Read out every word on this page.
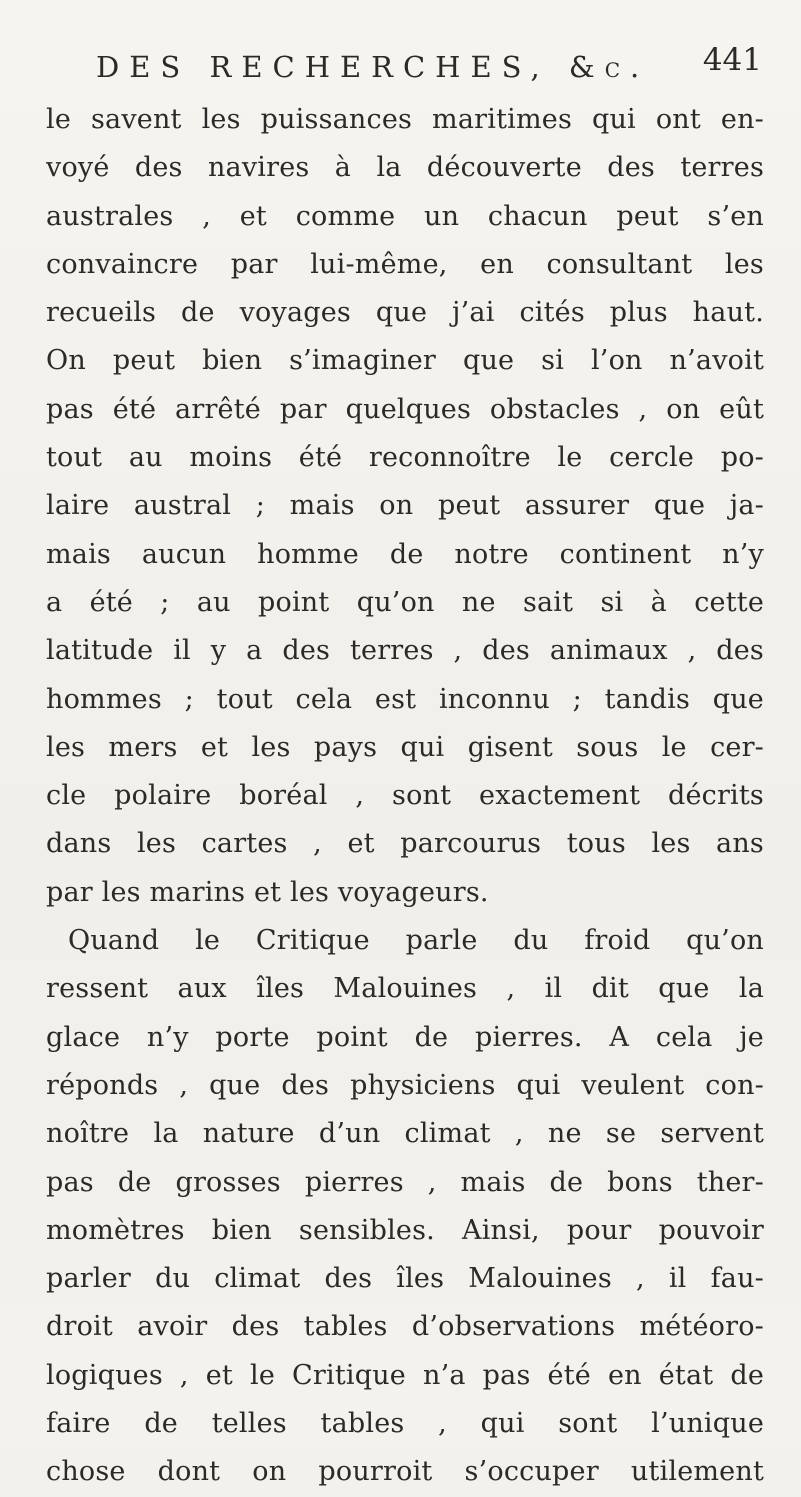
DES RECHERCHES, &c. 441
le savent les puissances maritimes qui ont en-
voyé des navires à la découverte des terres
australes , et comme un chacun peut s’en
convaincre par lui-même, en consultant les
recueils de voyages que j’ai cités plus haut.
On peut bien s’imaginer que si l’on n’avoit
pas été arrêté par quelques obstacles , on eût
tout au moins été reconnoître le cercle po-
laire austral ; mais on peut assurer que ja-
mais aucun homme de notre continent n’y
a été ; au point qu’on ne sait si à cette
latitude il y a des terres , des animaux , des
hommes ; tout cela est inconnu ; tandis que
les mers et les pays qui gisent sous le cer-
cle polaire boréal , sont exactement décrits
dans les cartes , et parcourus tous les ans
par les marins et les voyageurs.
Quand le Critique parle du froid qu’on
ressent aux îles Malouines , il dit que la
glace n’y porte point de pierres. A cela je
réponds , que des physiciens qui veulent con-
noître la nature d’un climat , ne se servent
pas de grosses pierres , mais de bons ther-
momètres bien sensibles. Ainsi, pour pouvoir
parler du climat des îles Malouines , il fau-
droit avoir des tables d’observations météoro-
logiques , et le Critique n’a pas été en état de
faire de telles tables , qui sont l’unique
chose dont on pourroit s’occuper utilement
